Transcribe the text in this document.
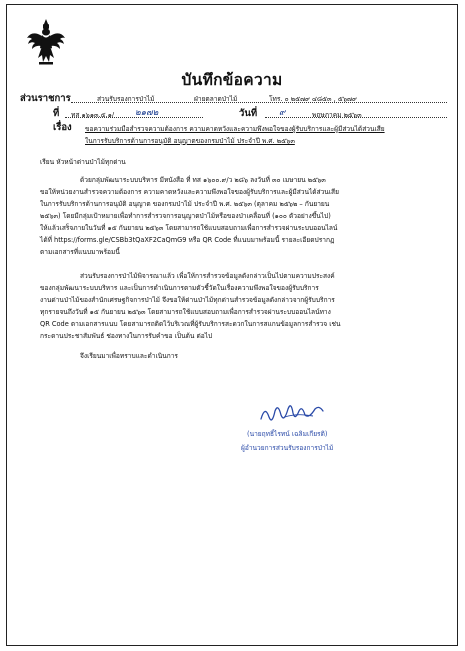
บันทึกข้อความ
ส่วนราชการ	ส่วนรับรองการป่าไม้	ฝ่ายตลาดป่าไม้	โทร. ๐ ๒๕๗๙ ๔๘๕๓ , ๕๖๗๙
ที่ ทส ๑๖๑๓.๕.๑/ ๒๑๗๒	วันที่	๙	พฤษภาคม ๒๕๖๓
เรื่อง ขอความร่วมมือสำรวจความต้องการ ความคาดหวังและความพึงพอใจของผู้รับบริการและผู้มีส่วนได้ส่วนเสีย
ในการรับบริการด้านการอนุมัติ อนุญาตของกรมป่าไม้ ประจำปี พ.ศ. ๒๕๖๓
เรียน หัวหน้าด่านป่าไม้ทุกด่าน
ด้วยกลุ่มพัฒนาระบบบริหาร มีหนังสือ ที่ ทส ๑๖๐๐.๙/ว ๒๘๖ ลงวันที่ ๓๐ เมษายน ๒๕๖๓
ขอให้หน่วยงานสำรวจความต้องการ ความคาดหวังและความพึงพอใจของผู้รับบริการและผู้มีส่วนได้ส่วนเสีย
ในการรับบริการด้านการอนุมัติ อนุญาต ของกรมป่าไม้ ประจำปี พ.ศ. ๒๕๖๓ (ตุลาคม ๒๕๖๒ – กันยายน
๒๕๖๓) โดยมีกลุ่มเป้าหมายเพื่อทำการสำรวจการอนุญาตป่าไม้หรือของป่าเคลื่อนที่ (๑๐๐ ตัวอย่างขึ้นไป)
ให้แล้วเสร็จภายในวันที่ ๑๕ กันยายน ๒๕๖๓ โดยสามารถใช้แบบสอบถามเพื่อการสำรวจผ่านระบบออนไลน์
ได้ที่ https://forms.gle/CSBb3tQaXF2CaQmG9 หรือ QR Code ที่แนบมาพร้อมนี้ รายละเอียดปรากฏ
ตามเอกสารที่แนบมาพร้อมนี้
ส่วนรับรองการป่าไม้พิจารณาแล้ว เพื่อให้การสำรวจข้อมูลดังกล่าวเป็นไปตามความประสงค์
ของกลุ่มพัฒนาระบบบริหาร และเป็นการดำเนินการตามตัวชี้วัดในเรื่องความพึงพอใจของผู้รับบริการ
งานด่านป่าไม้ของสำนักเศรษฐกิจการป่าไม้ จึงขอให้ด่านป่าไม้ทุกด่านสำรวจข้อมูลดังกล่าวจากผู้รับบริการ
ทุกรายจนถึงวันที่ ๑๕ กันยายน ๒๕๖๓ โดยสามารถใช้แบบสอบถามเพื่อการสำรวจผ่านระบบออนไลน์ทาง
QR Code ตามเอกสารแนบ โดยสามารถติดไว้บริเวณที่ผู้รับบริการสะดวกในการสแกนข้อมูลการสำรวจ เช่น
กระดานประชาสัมพันธ์ ช่องทางในการรับคำขอ เป็นต้น ต่อไป
จึงเรียนมาเพื่อทราบและดำเนินการ
(นายฤทธิ์ไรทน์ เฉลิมเกียรติ)
ผู้อำนวยการส่วนรับรองการป่าไม้
